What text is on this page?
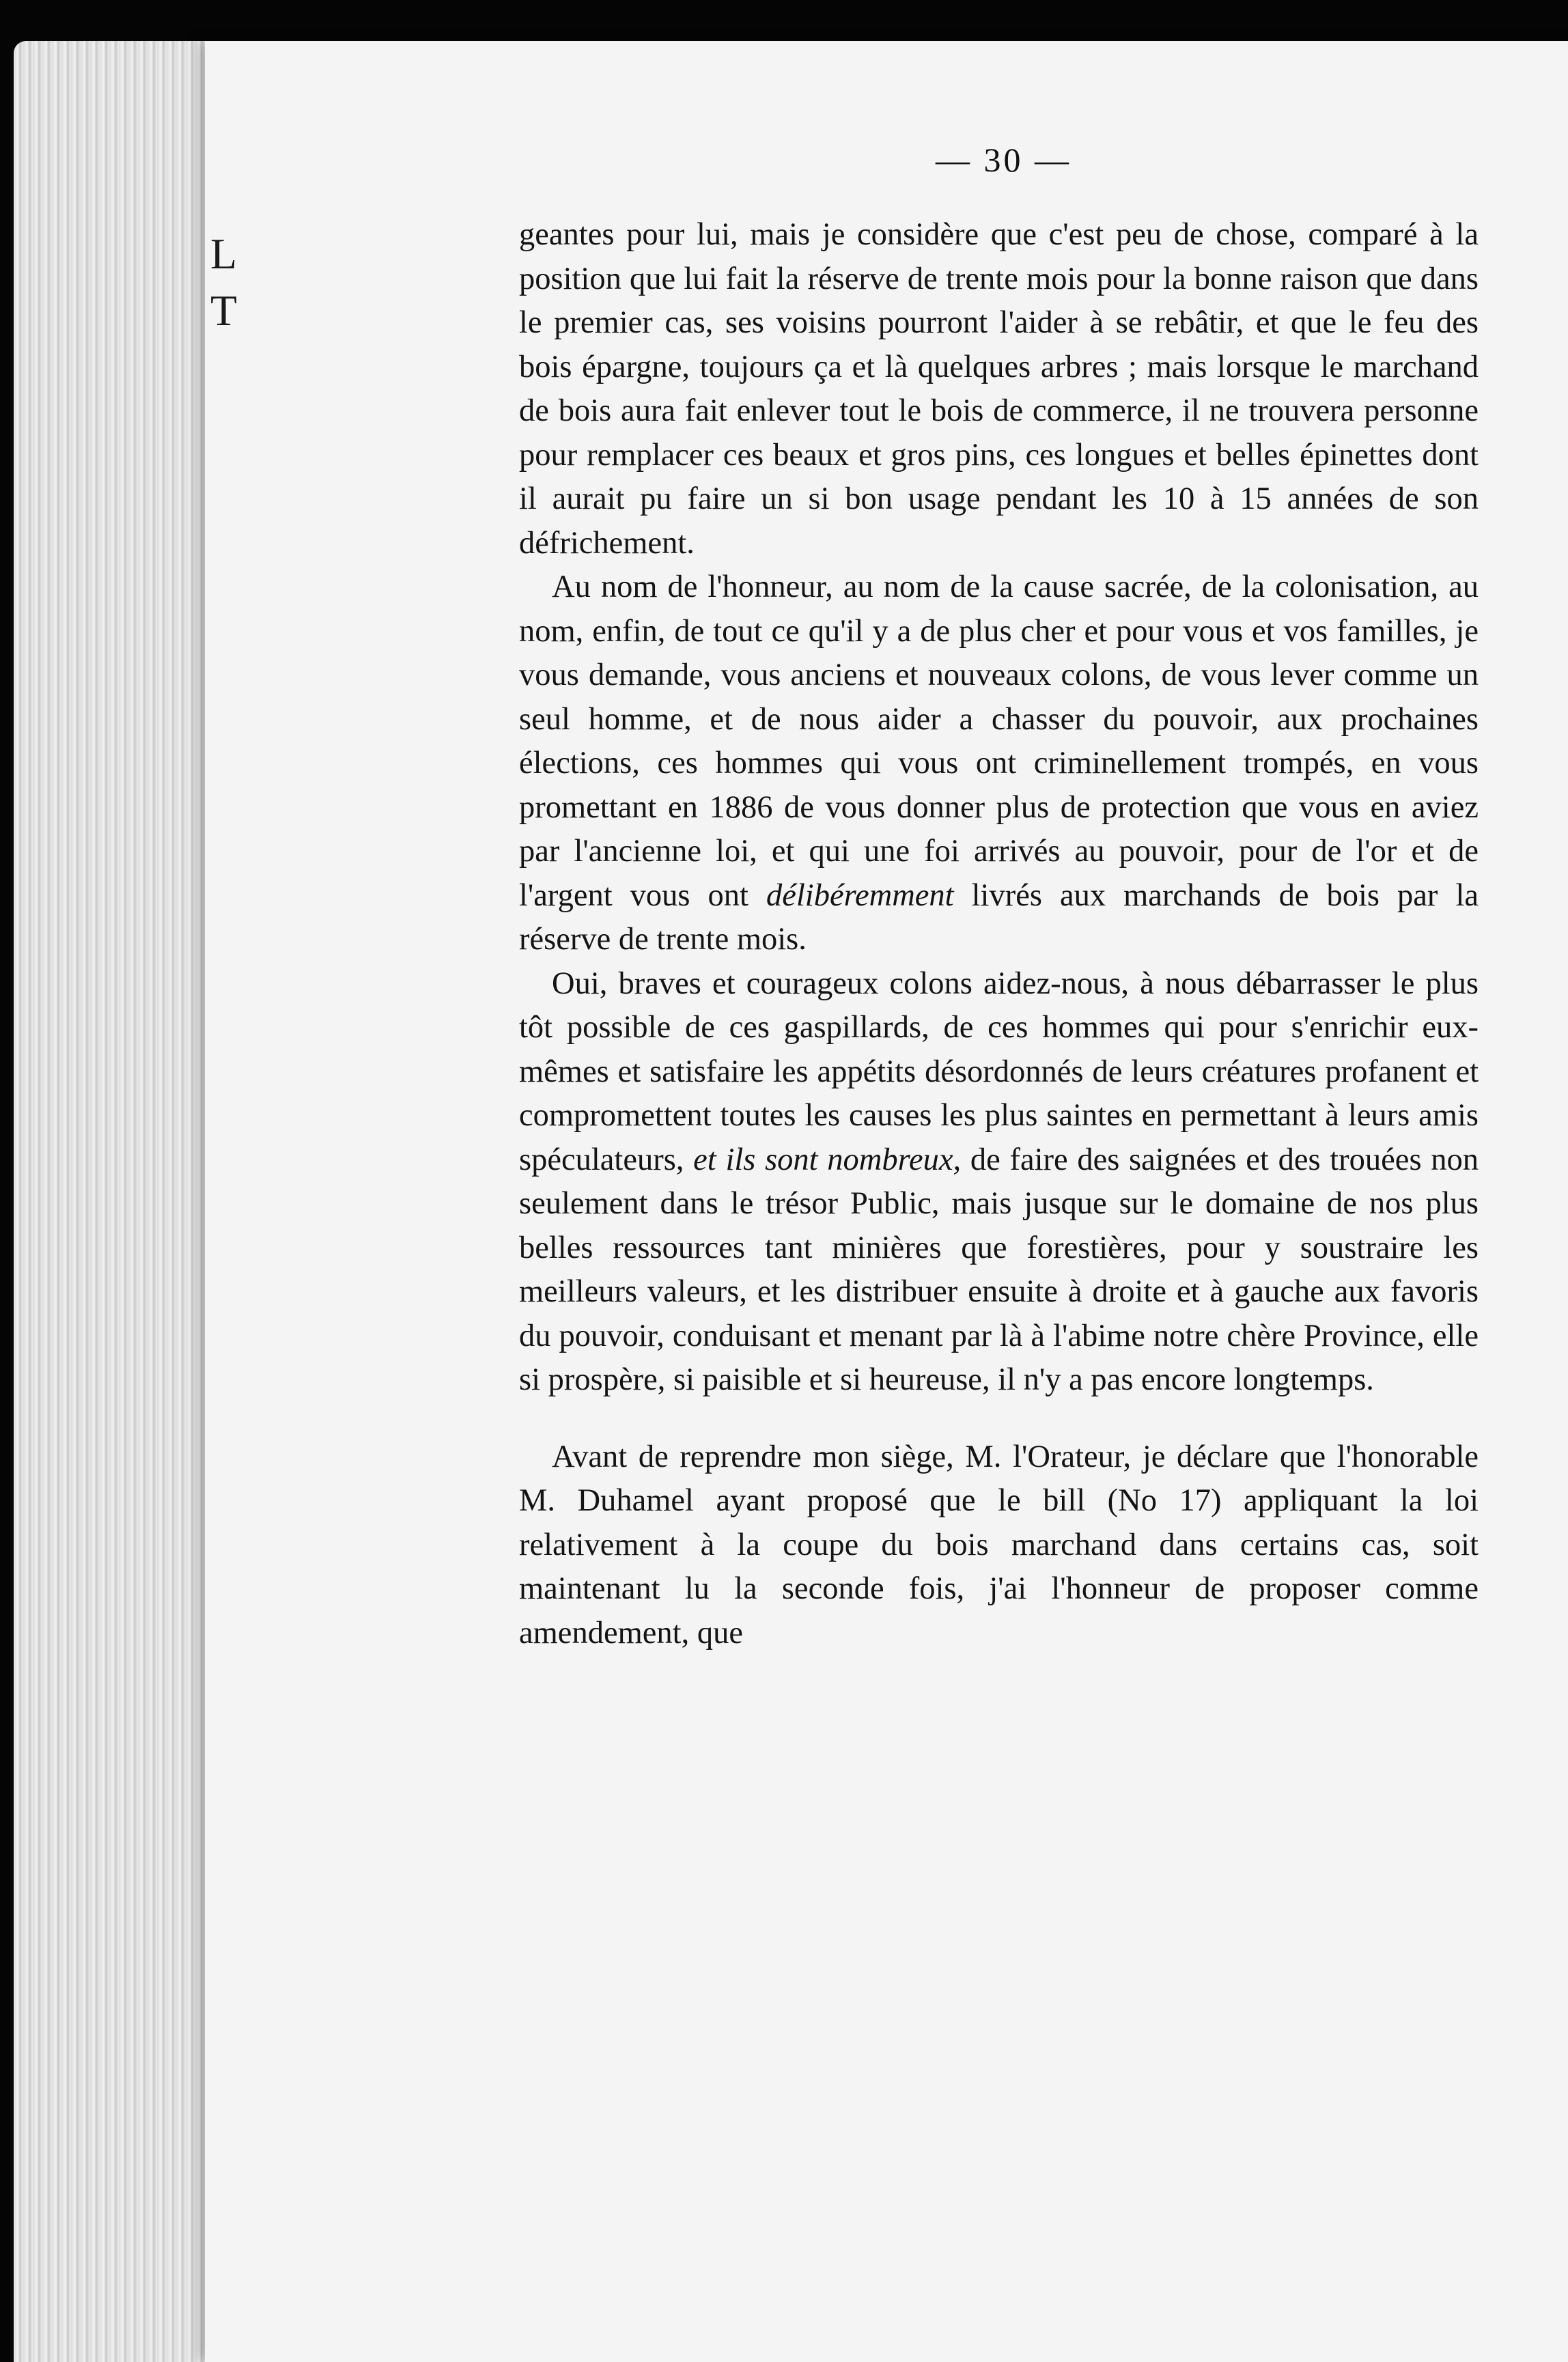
L
T
— 30 —

geantes pour lui, mais je considère que c'est peu de chose, comparé à la position que lui fait la réserve de trente mois pour la bonne raison que dans le premier cas, ses voisins pourront l'aider à se rebâtir, et que le feu des bois épargne, toujours ça et là quelques arbres ; mais lorsque le marchand de bois aura fait enlever tout le bois de commerce, il ne trouvera personne pour remplacer ces beaux et gros pins, ces longues et belles épinettes dont il aurait pu faire un si bon usage pendant les 10 à 15 années de son défrichement.

Au nom de l'honneur, au nom de la cause sacrée, de la colonisation, au nom, enfin, de tout ce qu'il y a de plus cher et pour vous et vos familles, je vous demande, vous anciens et nouveaux colons, de vous lever comme un seul homme, et de nous aider a chasser du pouvoir, aux prochaines élections, ces hommes qui vous ont criminellement trompés, en vous promettant en 1886 de vous donner plus de protection que vous en aviez par l'ancienne loi, et qui une foi arrivés au pouvoir, pour de l'or et de l'argent vous ont délibéremment livrés aux marchands de bois par la réserve de trente mois.

Oui, braves et courageux colons aidez-nous, à nous débarrasser le plus tôt possible de ces gaspillards, de ces hommes qui pour s'enrichir eux-mêmes et satisfaire les appétits désordonnés de leurs créatures profanent et compromettent toutes les causes les plus saintes en permettant à leurs amis spéculateurs, et ils sont nombreux, de faire des saignées et des trouées non seulement dans le trésor Public, mais jusque sur le domaine de nos plus belles ressources tant minières que forestières, pour y soustraire les meilleurs valeurs, et les distribuer ensuite à droite et à gauche aux favoris du pouvoir, conduisant et menant par là à l'abime notre chère Province, elle si prospère, si paisible et si heureuse, il n'y a pas encore longtemps.

Avant de reprendre mon siège, M. l'Orateur, je déclare que l'honorable M. Duhamel ayant proposé que le bill (No 17) appliquant la loi relativement à la coupe du bois marchand dans certains cas, soit maintenant lu la seconde fois, j'ai l'honneur de proposer comme amendement, que
